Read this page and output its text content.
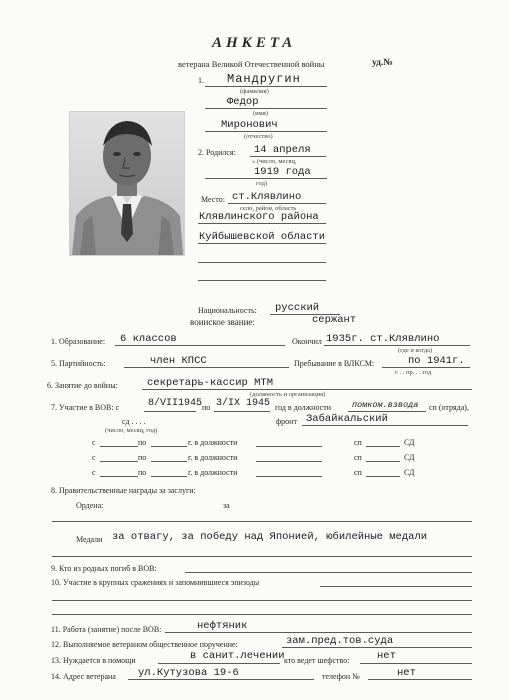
АНКЕТА
ветерана Великой Отечественной войны	уд.№
1. Мандругин
(фамилия)
Федор
(имя)
Миронович
(отчество)
2. Родился: 14 апреля
« (число, месяц,
1919 года
год)
Место: ст.Клявлино
село, район, область
Клявлинского района
Куйбышевской области
Национальность: русский
воинское звание:	сержант
1. Образование: 6 классов	Окончил 1935г. ст.Клявлино
(где и когда)
5. Партийность:	член КПСС	Пребывание в ВЛКСМ:	по 1941г.
с . . пр. . . год
6. Занятие до войны:	секретарь-кассир МТМ
(должность и организация)
7. Участие в ВОВ: с	8/VII1945 по 3/IX 1945 год в должности помком.взвода сп (отряда),
сд . . . .
(число, месяц, год)
фронт Забайкальский
с	по	г. в должности	сп	СД
с	по	г. в должности	сп	СД
с	по	г. в должности	сп	СД
8. Правительственные награды за заслуги:
Ордена:	за
Медали за отвагу, за победу над Японией, юбилейные медали
9. Кто из родных погиб в ВОВ:
10. Участие в крупных сражениях и запомнившиеся эпизоды
11. Работа (занятие) после ВОВ:	нефтяник
12. Выполняемое ветераном общественное поручение:	зам.пред.тов.суда
13. Нуждается в помощи	в санит.лечении кто ведет шефство:	нет
14. Адрес ветерана ул.Кутузова 19-6	телефон №	нет
